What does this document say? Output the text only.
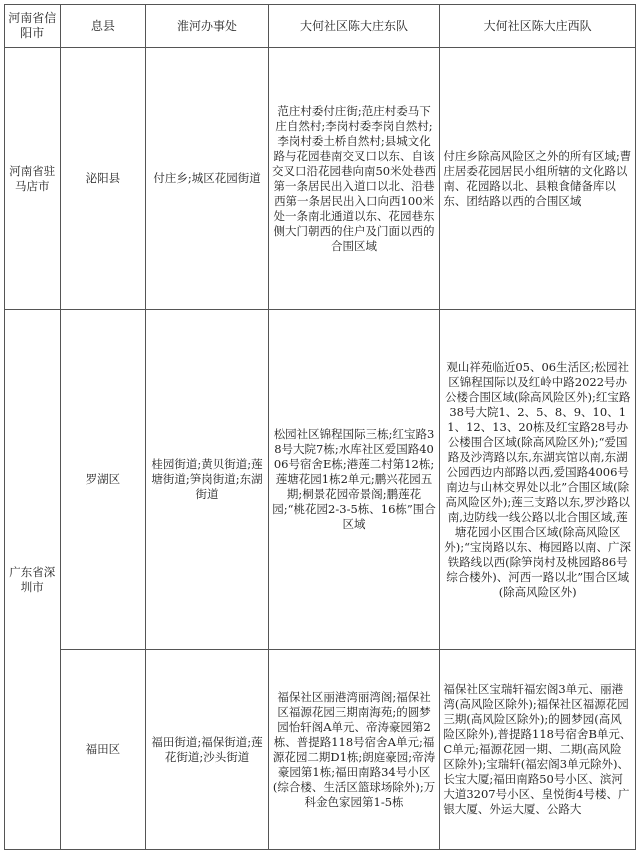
河南省信阳市	息县	淮河办事处	大何社区陈大庄东队	大何社区陈大庄西队
河南省驻马店市	泌阳县	付庄乡;城区花园街道	范庄村委付庄街;范庄村委马下庄自然村;李岗村委李岗自然村;李岗村委土桥自然村;县城文化路与花园巷南交叉口以东、自该交叉口沿花园巷向南50米处巷西第一条居民出入道口以北、沿巷西第一条居民出入口向西100米处一条南北通道以东、花园巷东侧大门朝西的住户及门面以西的合围区域	付庄乡除高风险区之外的所有区域;曹庄居委花园居民小组所辖的文化路以南、花园路以北、县粮食储备库以东、团结路以西的合围区域
广东省深圳市	罗湖区	桂园街道;黄贝街道;莲塘街道;笋岗街道;东湖街道	松园社区锦程国际三栋;红宝路38号大院7栋;水库社区爱国路4006号宿舍E栋;港莲二村第12栋;莲塘花园1栋2单元;鹏兴花园五期;桐景花园帝景阁;鹏莲花园;“桃花园2-3-5栋、16栋”围合区域	观山祥苑临近05、06生活区;松园社区锦程国际以及红岭中路2022号办公楼合围区域(除高风险区外);红宝路38号大院1、2、5、8、9、10、11、12、13、20栋及红宝路28号办公楼围合区域(除高风险区外);“爱国路及沙湾路以东,东湖宾馆以南,东湖公园西边内部路以西,爱国路4006号南边与山林交界处以北”合围区域(除高风险区外);莲三支路以东,罗沙路以南,边防线一线公路以北合围区域,莲塘花园小区围合区域(除高风险区外);“宝岗路以东、梅园路以南、广深铁路线以西(除笋岗村及桃园路86号综合楼外)、河西一路以北”围合区域(除高风险区外)
	福田区	福田街道;福保街道;莲花街道;沙头街道	福保社区丽港湾丽湾阁;福保社区福源花园三期南海苑;的圆梦园怡轩阁A单元、帝涛豪园第2栋、普提路118号宿舍A单元;福源花园二期D1栋;朗庭豪园;帝涛豪园第1栋;福田南路34号小区(综合楼、生活区篮球场除外);万科金色家园第1-5栋	福保社区宝瑞轩福宏阁3单元、丽港湾(高风险区除外);福保社区福源花园三期(高风险区除外);的圆梦园(高风险区除外),普提路118号宿舍B单元、C单元;福源花园一期、二期(高风险区除外);宝瑞轩(福宏阁3单元除外)、长宝大厦;福田南路50号小区、滨河大道3207号小区、皇悦街4号楼、广银大厦、外运大厦、公路大
